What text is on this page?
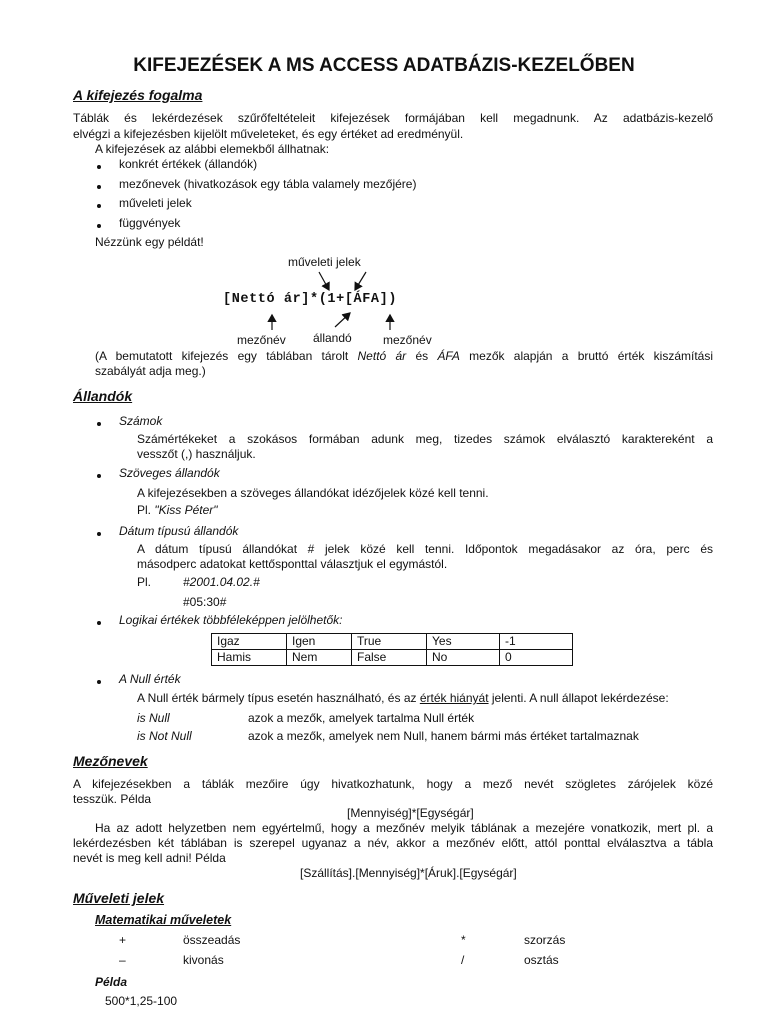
KIFEJEZÉSEK A MS ACCESS ADATBÁZIS-KEZELŐBEN
A kifejezés fogalma
Táblák és lekérdezések szűrőfeltételeit kifejezések formájában kell megadnunk. Az adatbázis-kezelő
elvégzi a kifejezésben kijelölt műveleteket, és egy értéket ad eredményül.
A kifejezések az alábbi elemekből állhatnak:
konkrét értékek (állandók)
mezőnevek (hivatkozások egy tábla valamely mezőjére)
műveleti jelek
függvények
Nézzünk egy példát!
műveleti jelek
[Nettó ár]*(1+[ÁFA])
mezőnév állandó	mezőnév
(A bemutatott kifejezés egy táblában tárolt Nettó ár és ÁFA mezők alapján a bruttó érték kiszámítási
szabályát adja meg.)
Állandók
Számok
Számértékeket a szokásos formában adunk meg, tizedes számok elválasztó karaktereként a
vesszőt (,) használjuk.
Szöveges állandók
A kifejezésekben a szöveges állandókat idézőjelek közé kell tenni.
Pl. "Kiss Péter"
Dátum típusú állandók
A dátum típusú állandókat # jelek közé kell tenni. Időpontok megadásakor az óra, perc és
másodperc adatokat kettősponttal választjuk el egymástól.
Pl.	#2001.04.02.#
#05:30#
Logikai értékek többféleképpen jelölhetők:
Igaz	Igen	True	Yes	-1
Hamis	Nem	False	No	0
A Null érték
A Null érték bármely típus esetén használható, és az érték hiányát jelenti. A null állapot lekérdezése:
is Null	azok a mezők, amelyek tartalma Null érték
is Not Null	azok a mezők, amelyek nem Null, hanem bármi más értéket tartalmaznak
Mezőnevek
A kifejezésekben a táblák mezőire úgy hivatkozhatunk, hogy a mező nevét szögletes zárójelek közé
tesszük. Példa
[Mennyiség]*[Egységár]
Ha az adott helyzetben nem egyértelmű, hogy a mezőnév melyik táblának a mezejére vonatkozik, mert pl. a
lekérdezésben két táblában is szerepel ugyanaz a név, akkor a mezőnév előtt, attól ponttal elválasztva a tábla
nevét is meg kell adni! Példa
[Szállítás].[Mennyiség]*[Áruk].[Egységár]
Műveleti jelek
Matematikai műveletek
+	összeadás	*	szorzás
–	kivonás	/	osztás
Példa
500*1,25-100
